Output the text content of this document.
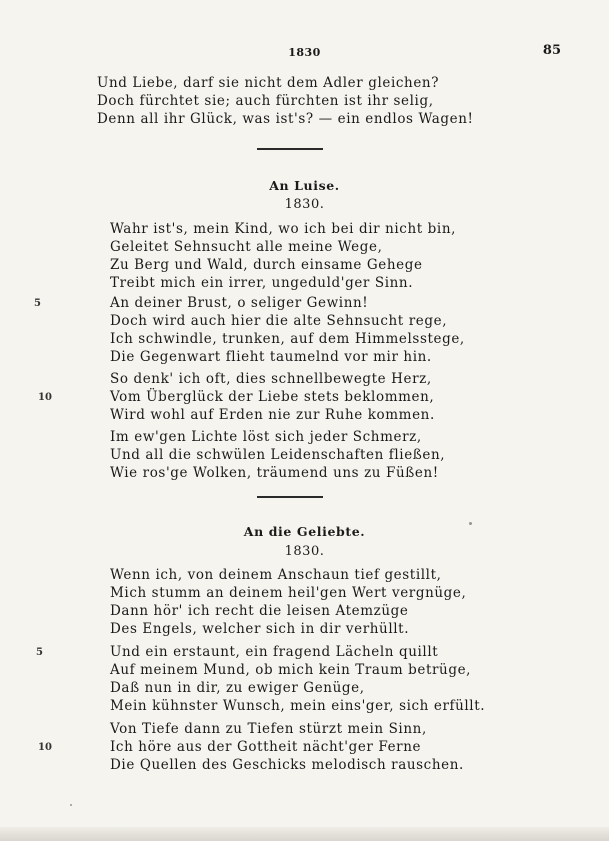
1830	85
Und Liebe, darf sie nicht dem Adler gleichen?
Doch fürchtet sie; auch fürchten ist ihr selig,
Denn all ihr Glück, was ist's? — ein endlos Wagen!
An Luise.
1830.
Wahr ist's, mein Kind, wo ich bei dir nicht bin,
Geleitet Sehnsucht alle meine Wege,
Zu Berg und Wald, durch einsame Gehege
Treibt mich ein irrer, ungeduld'ger Sinn.
5	An deiner Brust, o seliger Gewinn!
Doch wird auch hier die alte Sehnsucht rege,
Ich schwindle, trunken, auf dem Himmelsstege,
Die Gegenwart flieht taumelnd vor mir hin.
So denk' ich oft, dies schnellbewegte Herz,
10	Vom Überglück der Liebe stets beklommen,
Wird wohl auf Erden nie zur Ruhe kommen.
Im ew'gen Lichte löst sich jeder Schmerz,
Und all die schwülen Leidenschaften fließen,
Wie ros'ge Wolken, träumend uns zu Füßen!
An die Geliebte.
1830.
Wenn ich, von deinem Anschaun tief gestillt,
Mich stumm an deinem heil'gen Wert vergnüge,
Dann hör' ich recht die leisen Atemzüge
Des Engels, welcher sich in dir verhüllt.
5	Und ein erstaunt, ein fragend Lächeln quillt
Auf meinem Mund, ob mich kein Traum betrüge,
Daß nun in dir, zu ewiger Genüge,
Mein kühnster Wunsch, mein eins'ger, sich erfüllt.
Von Tiefe dann zu Tiefen stürzt mein Sinn,
10	Ich höre aus der Gottheit nächt'ger Ferne
Die Quellen des Geschicks melodisch rauschen.
